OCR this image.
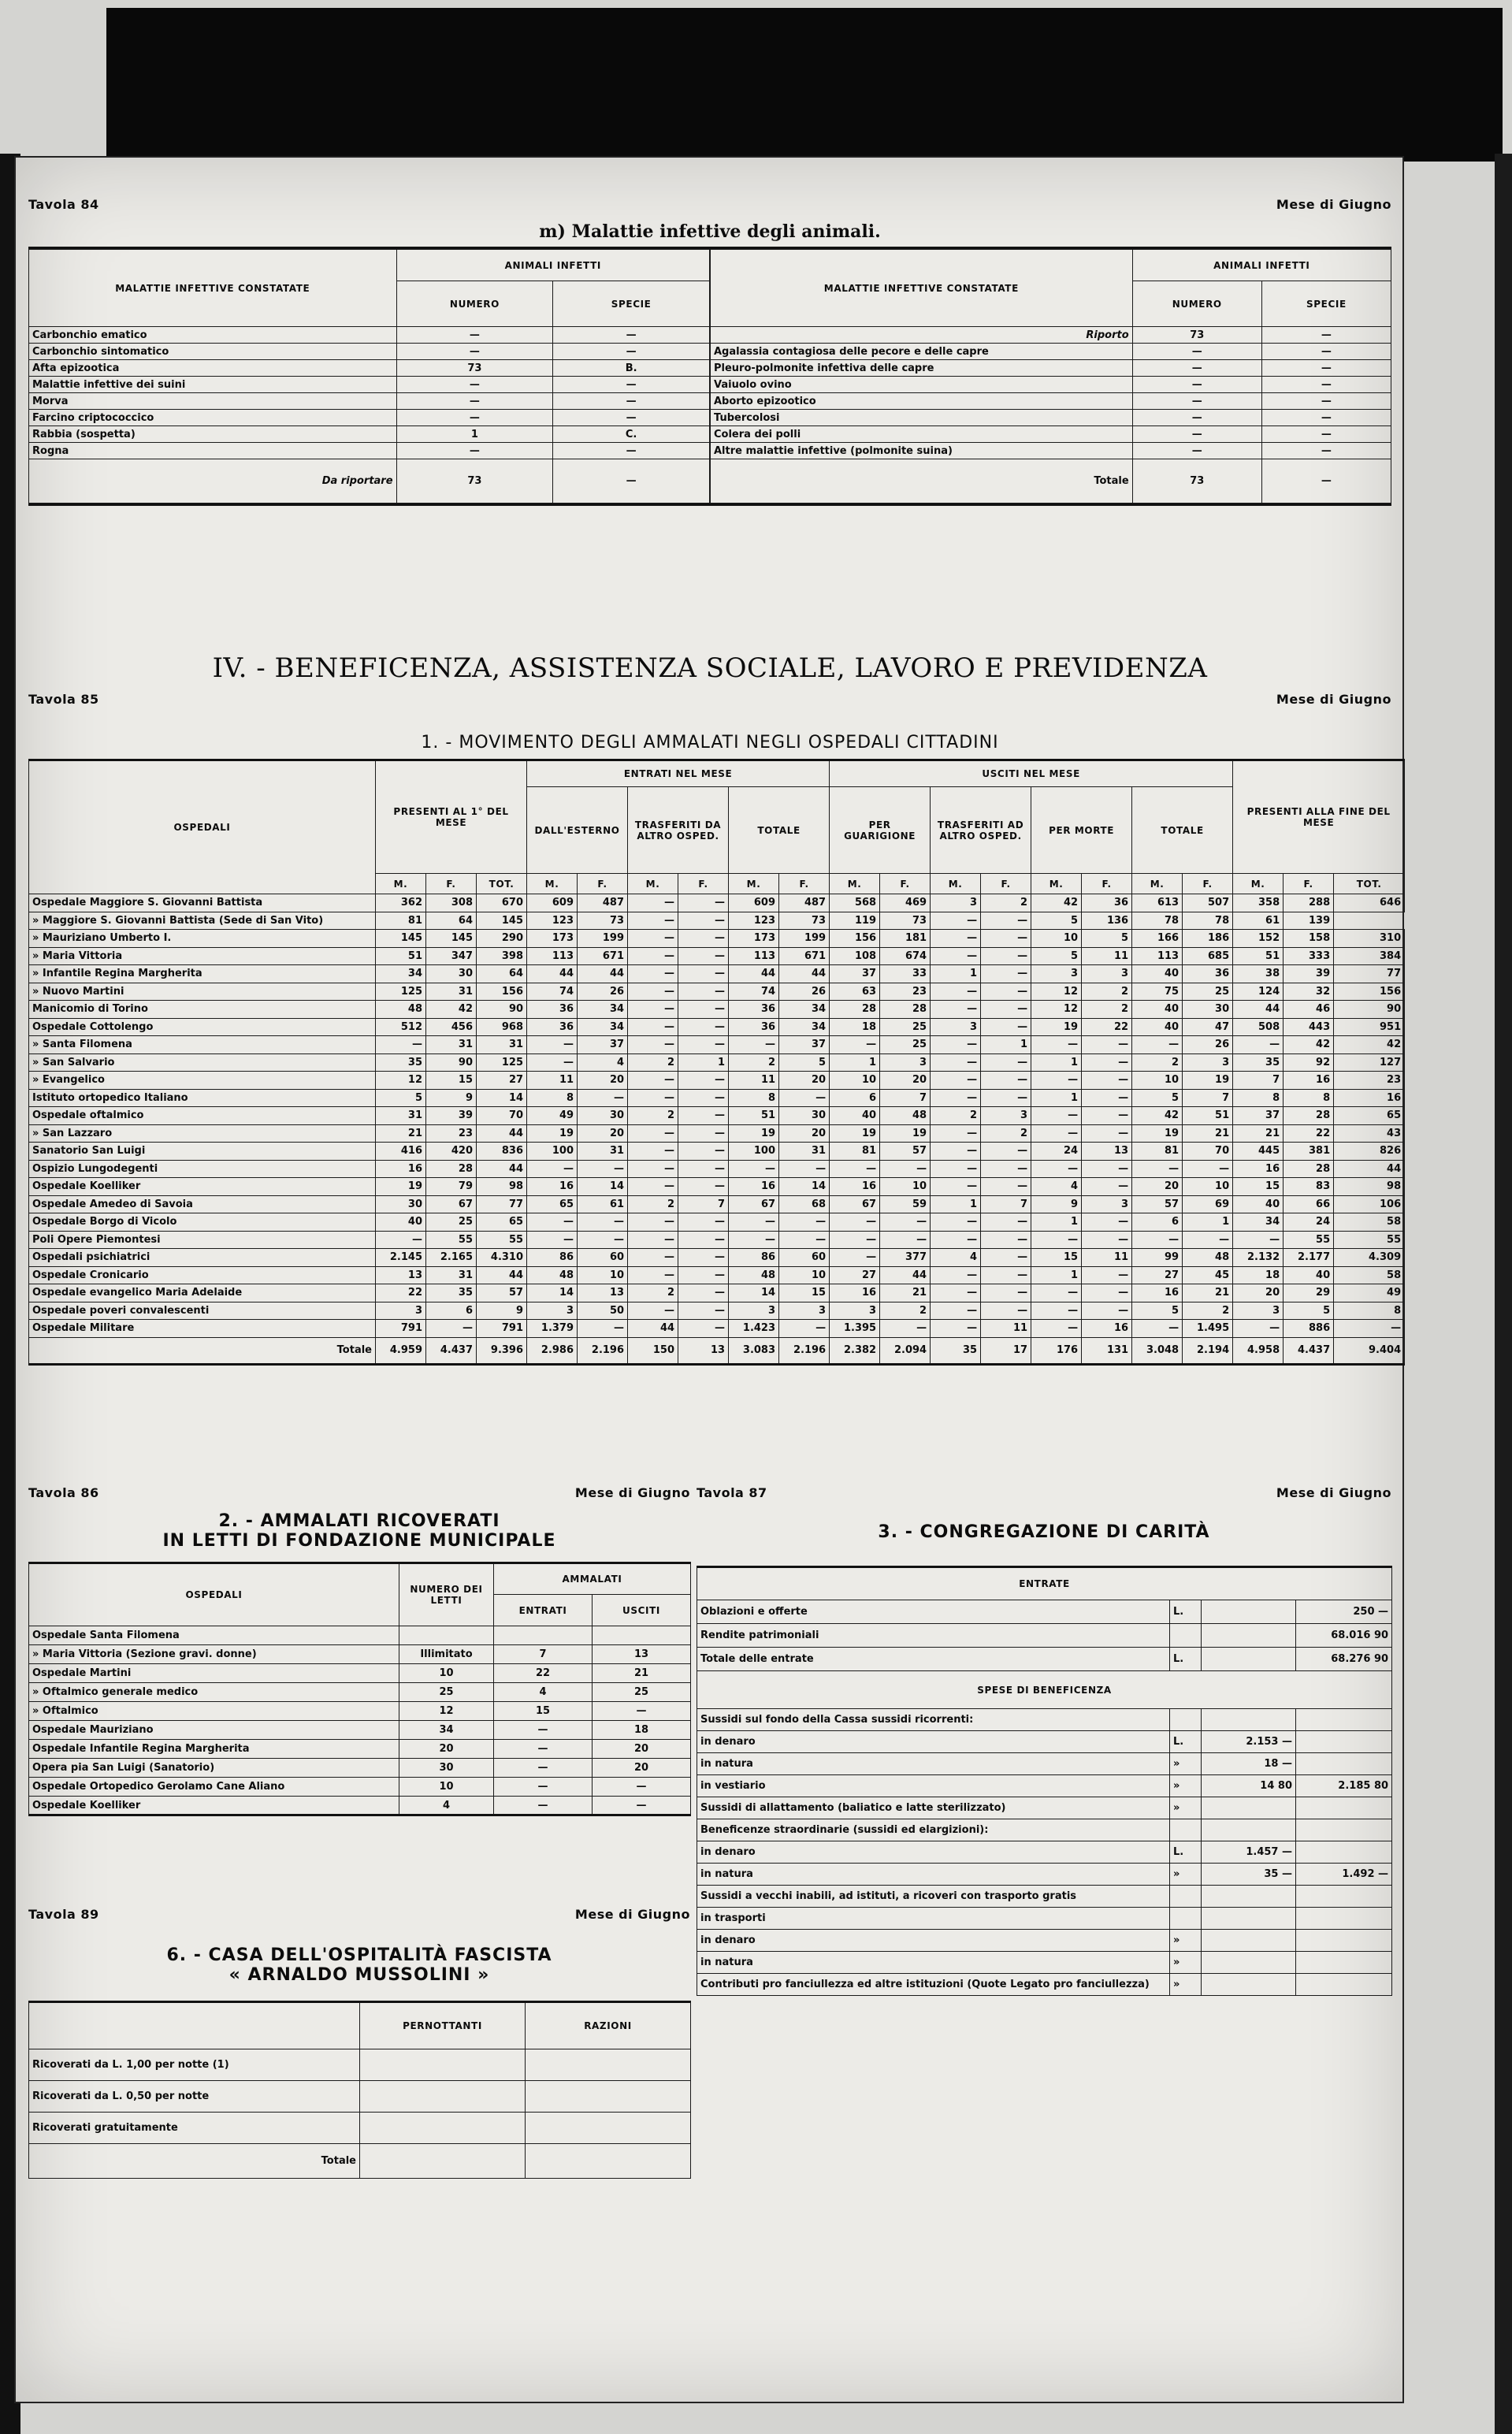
Tavola 84	Mese di Giugno
m) Malattie infettive degli animali.
MALATTIE INFETTIVE CONSTATATE	ANIMALI INFETTI	
	NUMERO	SPECIE
Carbonchio ematico	—	—
Carbonchio sintomatico	—	—
Afta epizootica	73	B.
Malattie infettive dei suini	—	—
Morva	—	—
Farcino criptococcico	—	—
Rabbia (sospetta)	1	C.
Rogna	—	—
Da riportare	73	—
MALATTIE INFETTIVE CONSTATATE	ANIMALI INFETTI	
	NUMERO	SPECIE
Riporto	73	—
Agalassia contagiosa delle pecore e delle capre	—	—
Pleuro-polmonite infettiva delle capre	—	—
Vaiuolo ovino	—	—
Aborto epizootico	—	—
Tubercolosi	—	—
Colera dei polli	—	—
Altre malattie infettive (polmonite suina)	—	—
Totale	73	—
IV. - BENEFICENZA, ASSISTENZA SOCIALE, LAVORO E PREVIDENZA
Tavola 85	Mese di Giugno
1. - MOVIMENTO DEGLI AMMALATI NEGLI OSPEDALI CITTADINI
OSPEDALI	PRESENTI AL 1° DEL MESE			ENTRATI NEL MESE						USCITI NEL MESE								PRESENTI ALLA FINE DEL MESE		
				DALL'ESTERNO		TRASFERITI DA ALTRO OSPED.		TOTALE		PER GUARIGIONE		TRASFERITI AD ALTRO OSPED.		PER MORTE		TOTALE				
	M.	F.	TOT.	M.	F.	M.	F.	M.	F.	M.	F.	M.	F.	M.	F.	M.	F.	M.	F.	TOT.
Ospedale Maggiore S. Giovanni Battista	362	308	670	609	487	—	—	609	487	568	469	3	2	42	36	613	507	358	288	646
» Maggiore S. Giovanni Battista (Sede di San Vito)	81	64	145	123	73	—	—	123	73	119	73	—	—	5	136	78	78	61	139	
» Mauriziano Umberto I.	145	145	290	173	199	—	—	173	199	156	181	—	—	10	5	166	186	152	158	310
» Maria Vittoria	51	347	398	113	671	—	—	113	671	108	674	—	—	5	11	113	685	51	333	384
» Infantile Regina Margherita	34	30	64	44	44	—	—	44	44	37	33	1	—	3	3	40	36	38	39	77
» Nuovo Martini	125	31	156	74	26	—	—	74	26	63	23	—	—	12	2	75	25	124	32	156
Manicomio di Torino	48	42	90	36	34	—	—	36	34	28	28	—	—	12	2	40	30	44	46	90
Ospedale Cottolengo	512	456	968	36	34	—	—	36	34	18	25	3	—	19	22	40	47	508	443	951
» Santa Filomena	—	31	31	—	37	—	—	—	37	—	25	—	1	—	—	—	26	—	42	42
» San Salvario	35	90	125	—	4	2	1	2	5	1	3	—	—	1	—	2	3	35	92	127
» Evangelico	12	15	27	11	20	—	—	11	20	10	20	—	—	—	—	10	19	7	16	23
Istituto ortopedico Italiano	5	9	14	8	—	—	—	8	—	6	7	—	—	1	—	5	7	8	8	16
Ospedale oftalmico	31	39	70	49	30	2	—	51	30	40	48	2	3	—	—	42	51	37	28	65
» San Lazzaro	21	23	44	19	20	—	—	19	20	19	19	—	2	—	—	19	21	21	22	43
Sanatorio San Luigi	416	420	836	100	31	—	—	100	31	81	57	—	—	24	13	81	70	445	381	826
Ospizio Lungodegenti	16	28	44	—	—	—	—	—	—	—	—	—	—	—	—	—	—	16	28	44
Ospedale Koelliker	19	79	98	16	14	—	—	16	14	16	10	—	—	4	—	20	10	15	83	98
Ospedale Amedeo di Savoia	30	67	77	65	61	2	7	67	68	67	59	1	7	9	3	57	69	40	66	106
Ospedale Borgo di Vicolo	40	25	65	—	—	—	—	—	—	—	—	—	—	1	—	6	1	34	24	58
Poli Opere Piemontesi	—	55	55	—	—	—	—	—	—	—	—	—	—	—	—	—	—	—	55	55
Ospedali psichiatrici	2.145	2.165	4.310	86	60	—	—	86	60	—	377	4	—	15	11	99	48	2.132	2.177	4.309
Ospedale Cronicario	13	31	44	48	10	—	—	48	10	27	44	—	—	1	—	27	45	18	40	58
Ospedale evangelico Maria Adelaide	22	35	57	14	13	2	—	14	15	16	21	—	—	—	—	16	21	20	29	49
Ospedale poveri convalescenti	3	6	9	3	50	—	—	3	3	3	2	—	—	—	—	5	2	3	5	8
Ospedale Militare	791	—	791	1.379	—	44	—	1.423	—	1.395	—	—	11	—	16	—	1.495	—	886	—
Totale	4.959	4.437	9.396	2.986	2.196	150	13	3.083	2.196	2.382	2.094	35	17	176	131	3.048	2.194	4.958	4.437	9.404
Tavola 86	Mese di Giugno
2. - AMMALATI RICOVERATI
IN LETTI DI FONDAZIONE MUNICIPALE
OSPEDALI	NUMERO DEI LETTI	AMMALATI	
		ENTRATI	USCITI
Ospedale Santa Filomena			
» Maria Vittoria (Sezione gravi. donne)	Illimitato	7	13
Ospedale Martini	10	22	21
» Oftalmico generale medico	25	4	25
» Oftalmico	12	15	—
Ospedale Mauriziano	34	—	18
Ospedale Infantile Regina Margherita	20	—	20
Opera pia San Luigi (Sanatorio)	30	—	20
Ospedale Ortopedico Gerolamo Cane Aliano	10	—	—
Ospedale Koelliker	4	—	—
Tavola 87	Mese di Giugno
3. - CONGREGAZIONE DI CARITÀ
ENTRATE			
Oblazioni e offerte	L.		250 —
Rendite patrimoniali			68.016 90
Totale delle entrate	L.		68.276 90
SPESE DI BENEFICENZA			
Sussidi sul fondo della Cassa sussidi ricorrenti:			
in denaro	L.	2.153 —	
in natura	»	18 —	
in vestiario	»	14 80	2.185 80
Sussidi di allattamento (baliatico e latte sterilizzato)	»		
Beneficenze straordinarie (sussidi ed elargizioni):			
in denaro	L.	1.457 —	
in natura	»	35 —	1.492 —
Sussidi a vecchi inabili, ad istituti, a ricoveri con trasporto gratis			
in trasporti			
in denaro	»		
in natura	»		
Contributi pro fanciullezza ed altre istituzioni (Quote Legato pro fanciullezza)	»		
Tavola 89	Mese di Giugno
6. - CASA DELL'OSPITALITÀ FASCISTA
« ARNALDO MUSSOLINI »
	PERNOTTANTI	RAZIONI
Ricoverati da L. 1,00 per notte (1)		
Ricoverati da L. 0,50 per notte		
Ricoverati gratuitamente		
Totale		
